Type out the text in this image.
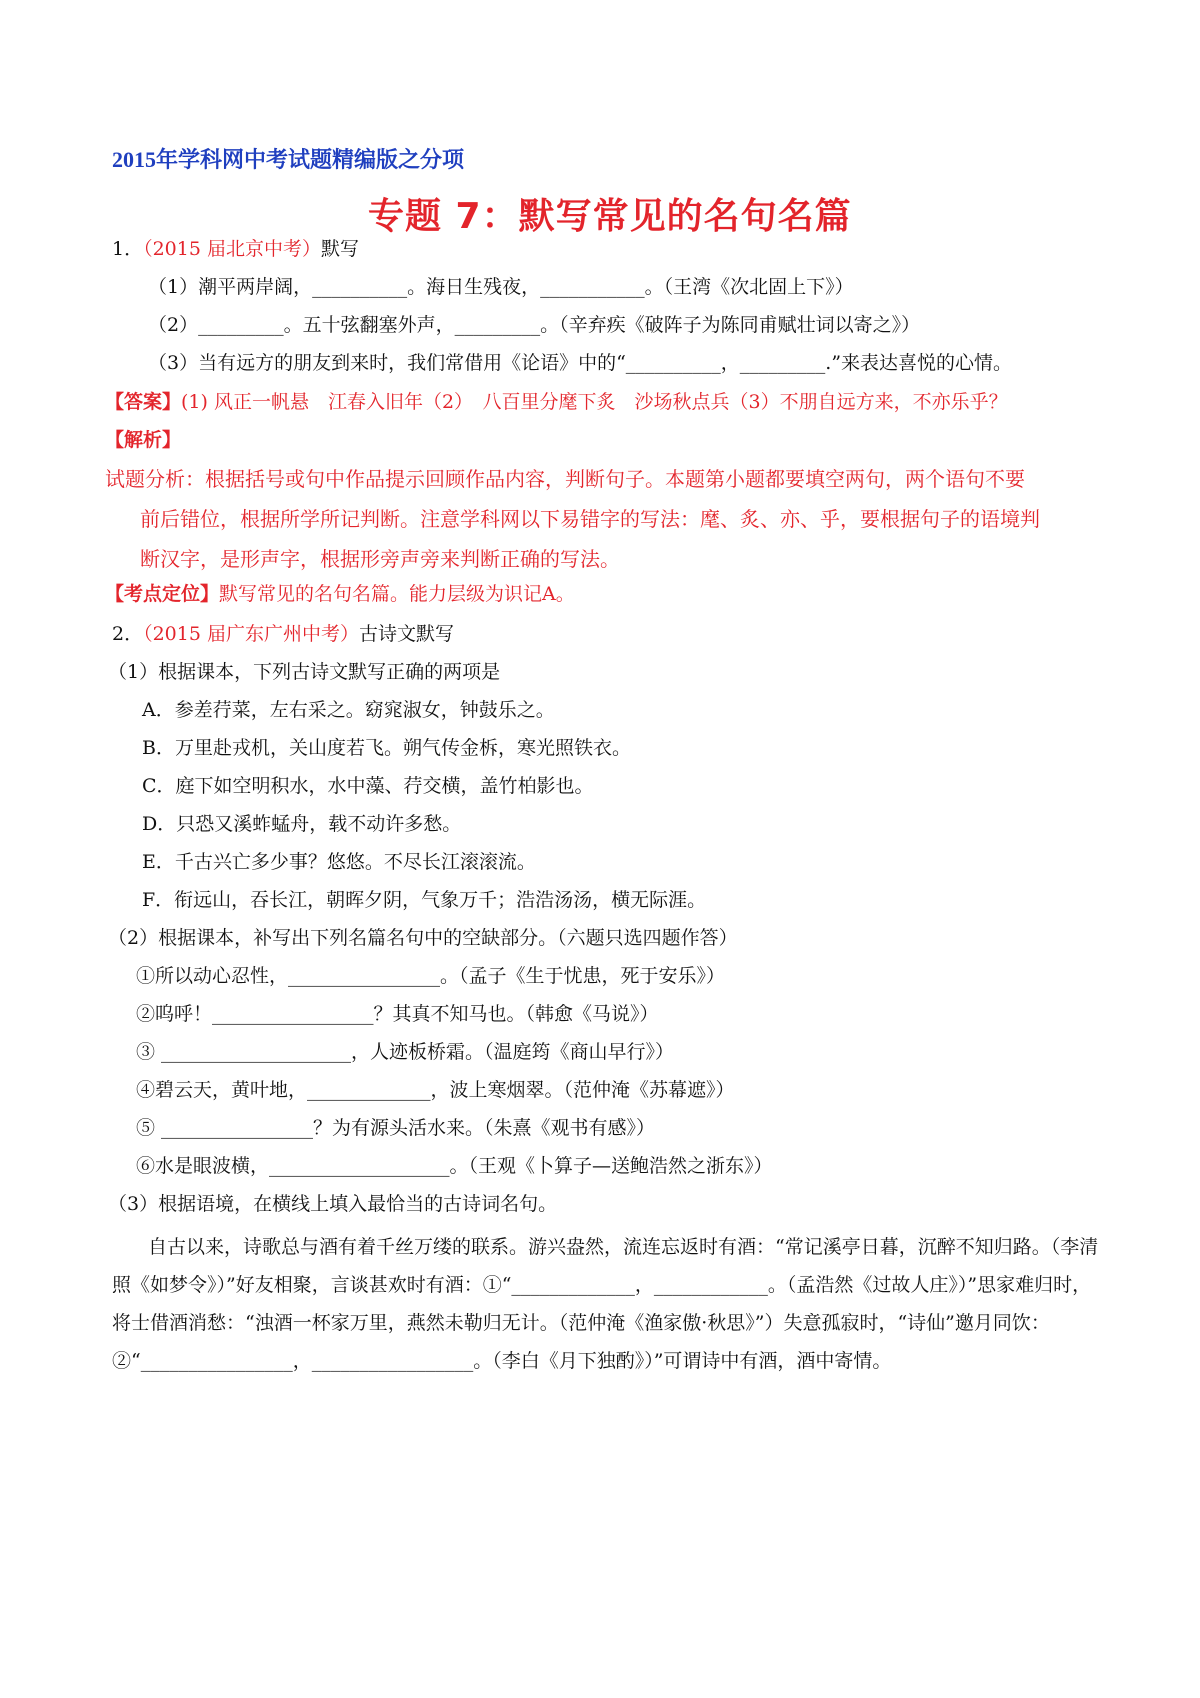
2015年学科网中考试题精编版之分项
专题 7：默写常见的名句名篇
1．（2015 届北京中考）默写
（1）潮平两岸阔，__________。海日生残夜，___________。（王湾《次北固上下》）
（2）_________。五十弦翻塞外声，_________。（辛弃疾《破阵子为陈同甫赋壮词以寄之》）
（3）当有远方的朋友到来时，我们常借用《论语》中的“__________，_________.”来表达喜悦的心情。
【答案】(1) 风正一帆悬　江春入旧年（2）　八百里分麾下炙　沙场秋点兵（3）不朋自远方来，不亦乐乎？
【解析】
试题分析：根据括号或句中作品提示回顾作品内容，判断句子。本题第小题都要填空两句，两个语句不要
前后错位，根据所学所记判断。注意学科网以下易错字的写法：麾、炙、亦、乎，要根据句子的语境判
断汉字，是形声字，根据形旁声旁来判断正确的写法。
【考点定位】默写常见的名句名篇。能力层级为识记A。
2．（2015 届广东广州中考）古诗文默写
（1）根据课本，下列古诗文默写正确的两项是
A．参差荇菜，左右采之。窈窕淑女，钟鼓乐之。
B．万里赴戎机，关山度若飞。朔气传金柝，寒光照铁衣。
C．庭下如空明积水，水中藻、荇交横，盖竹柏影也。
D．只恐又溪蚱蜢舟，载不动许多愁。
E．千古兴亡多少事？悠悠。不尽长江滚滚流。
F．衔远山，吞长江，朝晖夕阴，气象万千；浩浩汤汤，横无际涯。
（2）根据课本，补写出下列名篇名句中的空缺部分。（六题只选四题作答）
①所以动心忍性，________________。（孟子《生于忧患，死于安乐》）
②呜呼！_________________？其真不知马也。（韩愈《马说》）
③ ____________________，人迹板桥霜。（温庭筠《商山早行》）
④碧云天，黄叶地，_____________，波上寒烟翠。（范仲淹《苏幕遮》）
⑤ ________________？为有源头活水来。（朱熹《观书有感》）
⑥水是眼波横，___________________。（王观《卜算子—送鲍浩然之浙东》）
（3）根据语境，在横线上填入最恰当的古诗词名句。
自古以来，诗歌总与酒有着千丝万缕的联系。游兴盎然，流连忘返时有酒：“常记溪亭日暮，沉醉不知归路。（李清照《如梦令》）”好友相聚，言谈甚欢时有酒：①“_____________，____________。（孟浩然《过故人庄》）”思家难归时，将士借酒消愁：“浊酒一杯家万里，燕然未勒归无计。（范仲淹《渔家傲·秋思》”）失意孤寂时，“诗仙”邀月同饮：②“________________，_________________。（李白《月下独酌》）”可谓诗中有酒，酒中寄情。
